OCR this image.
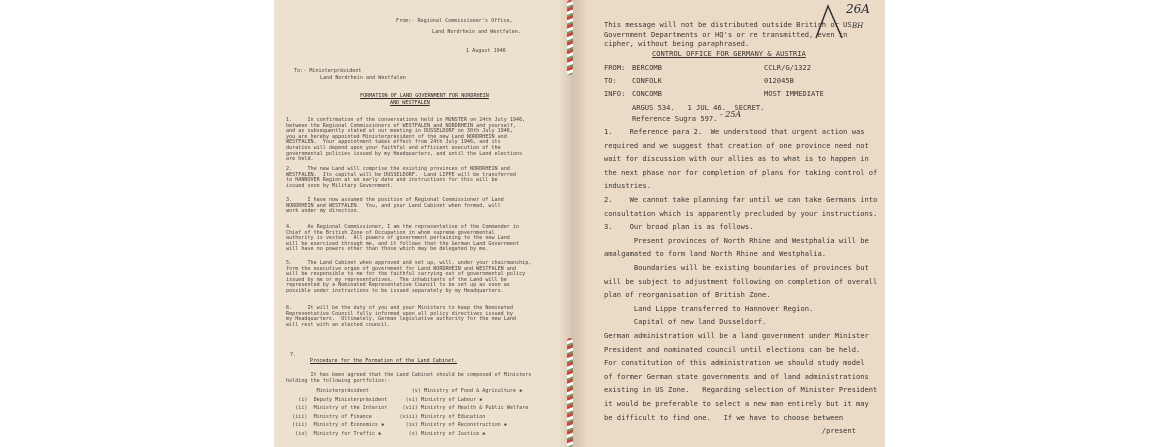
From:- Regional Commissioner's Office,
Land Nordrhein and Westfalen.
1 August 1946
To:- Ministerpräsident
Land Nordrhein and Westfalen
FORMATION OF LAND GOVERNMENT FOR NORDRHEIN
AND WESTFALEN
1.     In confirmation of the conversations held in MUNSTER on 24th July 1946,
between the Regional Commissioners of WESTFALEN and NORDRHEIN and yourself,
and as subsequently stated at our meeting in DUSSELDORF on 30th July 1946,
you are hereby appointed Ministerpräsident of the new Land NORDRHEIN and
WESTFALEN.  Your appointment takes effect from 24th July 1946, and its
duration will depend upon your faithful and efficient execution of the
governmental policies issued by my Headquarters, and until the Land elections
are held.
2.     The new Land will comprise the existing provinces of NORDRHEIN and
WESTFALEN.  Its capital will be DUSSELDORF.  Land LIPPE will be transferred
to HANNOVER Region at an early date and instructions for this will be
issued soon by Military Government.
3.     I have now assumed the position of Regional Commissioner of Land
NORDRHEIN and WESTFALEN.  You, and your Land Cabinet when formed, will
work under my direction.
4.     As Regional Commissioner, I am the representative of the Commander in
Chief of the British Zone of Occupation in whom supreme governmental
authority is vested.  All powers of government pertaining to the new Land
will be exercised through me, and it follows that the German Land Government
will have no powers other than those which may be delegated by me.
5.     The Land Cabinet when approved and set up, will, under your chairmanship,
form the executive organ of government for Land NORDRHEIN and WESTFALEN and
will be responsible to me for the faithful carrying out of governmental policy
issued by me or my representatives.  The inhabitants of the Land will be
represented by a Nominated Representative Council to be set up as soon as
possible under instructions to be issued separately by my Headquarters.
6.     It will be the duty of you and your Ministers to keep the Nominated
Representative Council fully informed upon all policy directives issued by
my Headquarters.  Ultimately, German legislative authority for the new Land
will rest with an elected council.
7.
Procedure for the Formation of the Land Cabinet.
It has been agreed that the Land Cabinet should be composed of Ministers
holding the following portfolios:-
Ministerpräsident              (v) Ministry of Food & Agriculture ✱
(i)  Deputy Ministerpräsident      (vi) Ministry of Labour ✱
(ii)  Ministry of the Interior     (vii) Ministry of Health & Public Welfare
(iii)  Ministry of Finance         (viii) Ministry of Education
(iii)  Ministry of Economics ✱       (ix) Ministry of Reconstruction ✱
(iv)  Ministry for Traffic ✱         (x) Ministry of Justice ✱
26A
BH
This message will not be distributed outside British or US
Government Departments or HQ's or re transmitted, even in
cipher, without being paraphrased.
CONTROL OFFICE FOR GERMANY & AUSTRIA
FROM: BERCOMB	CCLR/G/1322
TO: CONFOLK	012045B
INFO: CONCOMB	MOST IMMEDIATE
ARGUS 534.   1 JUL 46.  SECRET.
Reference Sugra 597. - 25A
1.    Reference para 2.  We understood that urgent action was
required and we suggest that creation of one province need not
wait for discussion with our allies as to what is to happen in
the next phase nor for completion of plans for taking control of
industries.
2.    We cannot take planning far until we can take Germans into
consultation which is apparently precluded by your instructions.
3.    Our broad plan is as follows.
Present provinces of North Rhine and Westphalia will be
amalgamated to form land North Rhine and Westphalia.
Boundaries will be existing boundaries of provinces but
will be subject to adjustment following on completion of overall
plan of reorganisation of British Zone.
Land Lippe transferred to Hannover Region.
Capital of new land Dusseldorf.
German administration will be a land government under Minister
President and nominated council until elections can be held.
For constitution of this administration we should study model
of former German state governments and of land administrations
existing in US Zone.   Regarding selection of Minister President
it would be preferable to select a new man entirely but it may
be difficult to find one.   If we have to choose between
/present
